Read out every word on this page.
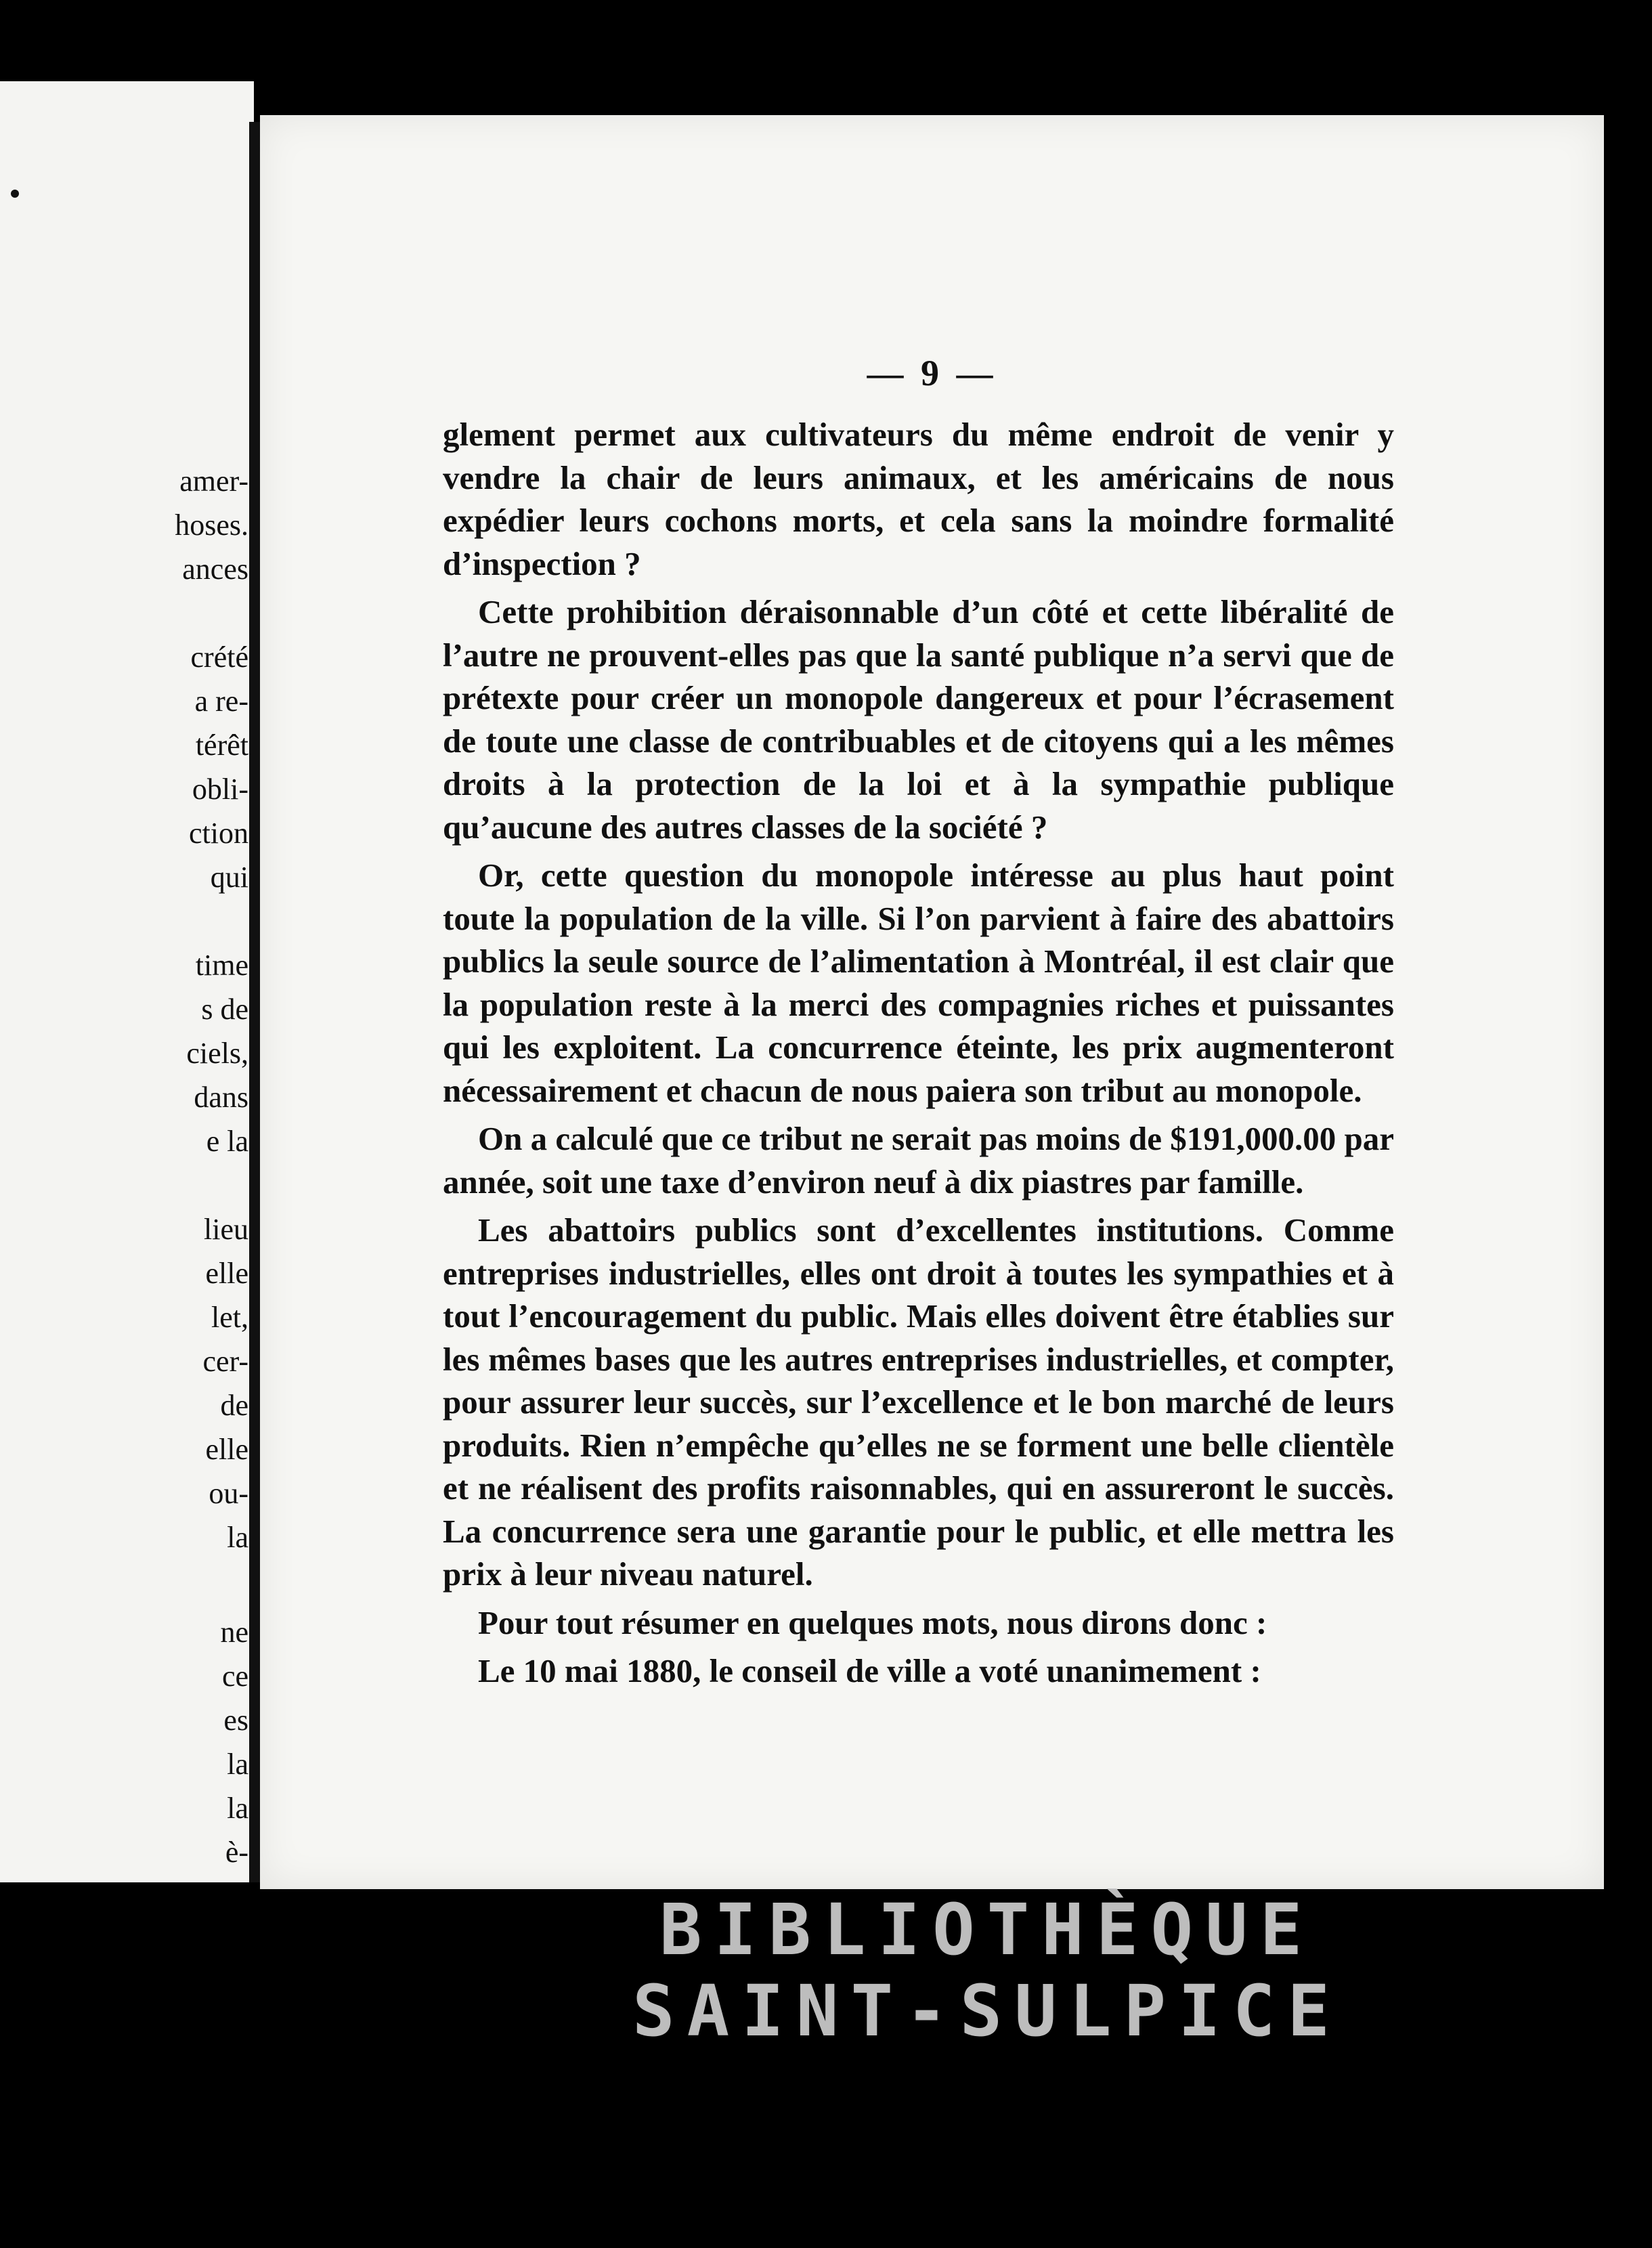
amer-
hoses.
ances
crété
a re-
térêt
obli-
ction
qui
time
s de
ciels,
dans
e la
lieu
elle
let,
cer-
de
elle
ou-
la
ne
ce
es
la
la
è-
— 9 —

glement permet aux cultivateurs du même endroit de venir y vendre la chair de leurs animaux, et les américains de nous expédier leurs cochons morts, et cela sans la moindre formalité d’inspection ?

Cette prohibition déraisonnable d’un côté et cette libéralité de l’autre ne prouvent-elles pas que la santé publique n’a servi que de prétexte pour créer un monopole dangereux et pour l’écrasement de toute une classe de contribuables et de citoyens qui a les mêmes droits à la protection de la loi et à la sympathie publique qu’aucune des autres classes de la société ?

Or, cette question du monopole intéresse au plus haut point toute la population de la ville. Si l’on parvient à faire des abattoirs publics la seule source de l’alimentation à Montréal, il est clair que la population reste à la merci des compagnies riches et puissantes qui les exploitent. La concurrence éteinte, les prix augmenteront nécessairement et chacun de nous paiera son tribut au monopole.

On a calculé que ce tribut ne serait pas moins de $191,000.00 par année, soit une taxe d’environ neuf à dix piastres par famille.

Les abattoirs publics sont d’excellentes institutions. Comme entreprises industrielles, elles ont droit à toutes les sympathies et à tout l’encouragement du public. Mais elles doivent être établies sur les mêmes bases que les autres entreprises industrielles, et compter, pour assurer leur succès, sur l’excellence et le bon marché de leurs produits. Rien n’empêche qu’elles ne se forment une belle clientèle et ne réalisent des profits raisonnables, qui en assureront le succès. La concurrence sera une garantie pour le public, et elle mettra les prix à leur niveau naturel.

Pour tout résumer en quelques mots, nous dirons donc :

Le 10 mai 1880, le conseil de ville a voté unanimement :

BIBLIOTHÈQUE
SAINT-SULPICE
